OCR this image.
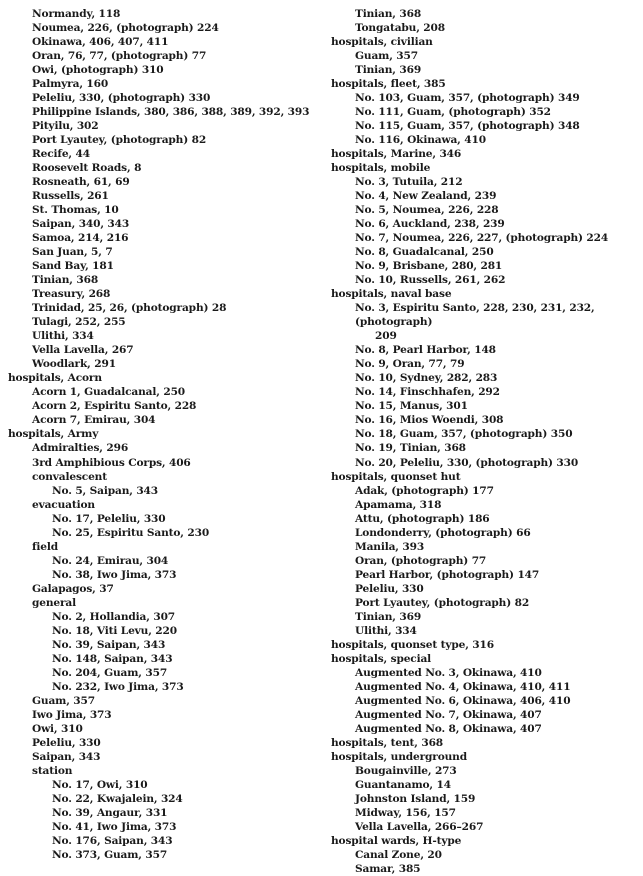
Normandy, 118
Noumea, 226, (photograph) 224
Okinawa, 406, 407, 411
Oran, 76, 77, (photograph) 77
Owi, (photograph) 310
Palmyra, 160
Peleliu, 330, (photograph) 330
Philippine Islands, 380, 386, 388, 389, 392, 393
Pityilu, 302
Port Lyautey, (photograph) 82
Recife, 44
Roosevelt Roads, 8
Rosneath, 61, 69
Russells, 261
St. Thomas, 10
Saipan, 340, 343
Samoa, 214, 216
San Juan, 5, 7
Sand Bay, 181
Tinian, 368
Treasury, 268
Trinidad, 25, 26, (photograph) 28
Tulagi, 252, 255
Ulithi, 334
Vella Lavella, 267
Woodlark, 291
hospitals, Acorn
Acorn 1, Guadalcanal, 250
Acorn 2, Espiritu Santo, 228
Acorn 7, Emirau, 304
hospitals, Army
Admiralties, 296
3rd Amphibious Corps, 406
convalescent
No. 5, Saipan, 343
evacuation
No. 17, Peleliu, 330
No. 25, Espiritu Santo, 230
field
No. 24, Emirau, 304
No. 38, Iwo Jima, 373
Galapagos, 37
general
No. 2, Hollandia, 307
No. 18, Viti Levu, 220
No. 39, Saipan, 343
No. 148, Saipan, 343
No. 204, Guam, 357
No. 232, Iwo Jima, 373
Guam, 357
Iwo Jima, 373
Owi, 310
Peleliu, 330
Saipan, 343
station
No. 17, Owi, 310
No. 22, Kwajalein, 324
No. 39, Angaur, 331
No. 41, Iwo Jima, 373
No. 176, Saipan, 343
No. 373, Guam, 357
Tinian, 368
Tongatabu, 208
hospitals, civilian
Guam, 357
Tinian, 369
hospitals, fleet, 385
No. 103, Guam, 357, (photograph) 349
No. 111, Guam, (photograph) 352
No. 115, Guam, 357, (photograph) 348
No. 116, Okinawa, 410
hospitals, Marine, 346
hospitals, mobile
No. 3, Tutuila, 212
No. 4, New Zealand, 239
No. 5, Noumea, 226, 228
No. 6, Auckland, 238, 239
No. 7, Noumea, 226, 227, (photograph) 224
No. 8, Guadalcanal, 250
No. 9, Brisbane, 280, 281
No. 10, Russells, 261, 262
hospitals, naval base
No. 3, Espiritu Santo, 228, 230, 231, 232, (photograph)
209
No. 8, Pearl Harbor, 148
No. 9, Oran, 77, 79
No. 10, Sydney, 282, 283
No. 14, Finschhafen, 292
No. 15, Manus, 301
No. 16, Mios Woendi, 308
No. 18, Guam, 357, (photograph) 350
No. 19, Tinian, 368
No. 20, Peleliu, 330, (photograph) 330
hospitals, quonset hut
Adak, (photograph) 177
Apamama, 318
Attu, (photograph) 186
Londonderry, (photograph) 66
Manila, 393
Oran, (photograph) 77
Pearl Harbor, (photograph) 147
Peleliu, 330
Port Lyautey, (photograph) 82
Tinian, 369
Ulithi, 334
hospitals, quonset type, 316
hospitals, special
Augmented No. 3, Okinawa, 410
Augmented No. 4, Okinawa, 410, 411
Augmented No. 6, Okinawa, 406, 410
Augmented No. 7, Okinawa, 407
Augmented No. 8, Okinawa, 407
hospitals, tent, 368
hospitals, underground
Bougainville, 273
Guantanamo, 14
Johnston Island, 159
Midway, 156, 157
Vella Lavella, 266–267
hospital wards, H-type
Canal Zone, 20
Samar, 385
